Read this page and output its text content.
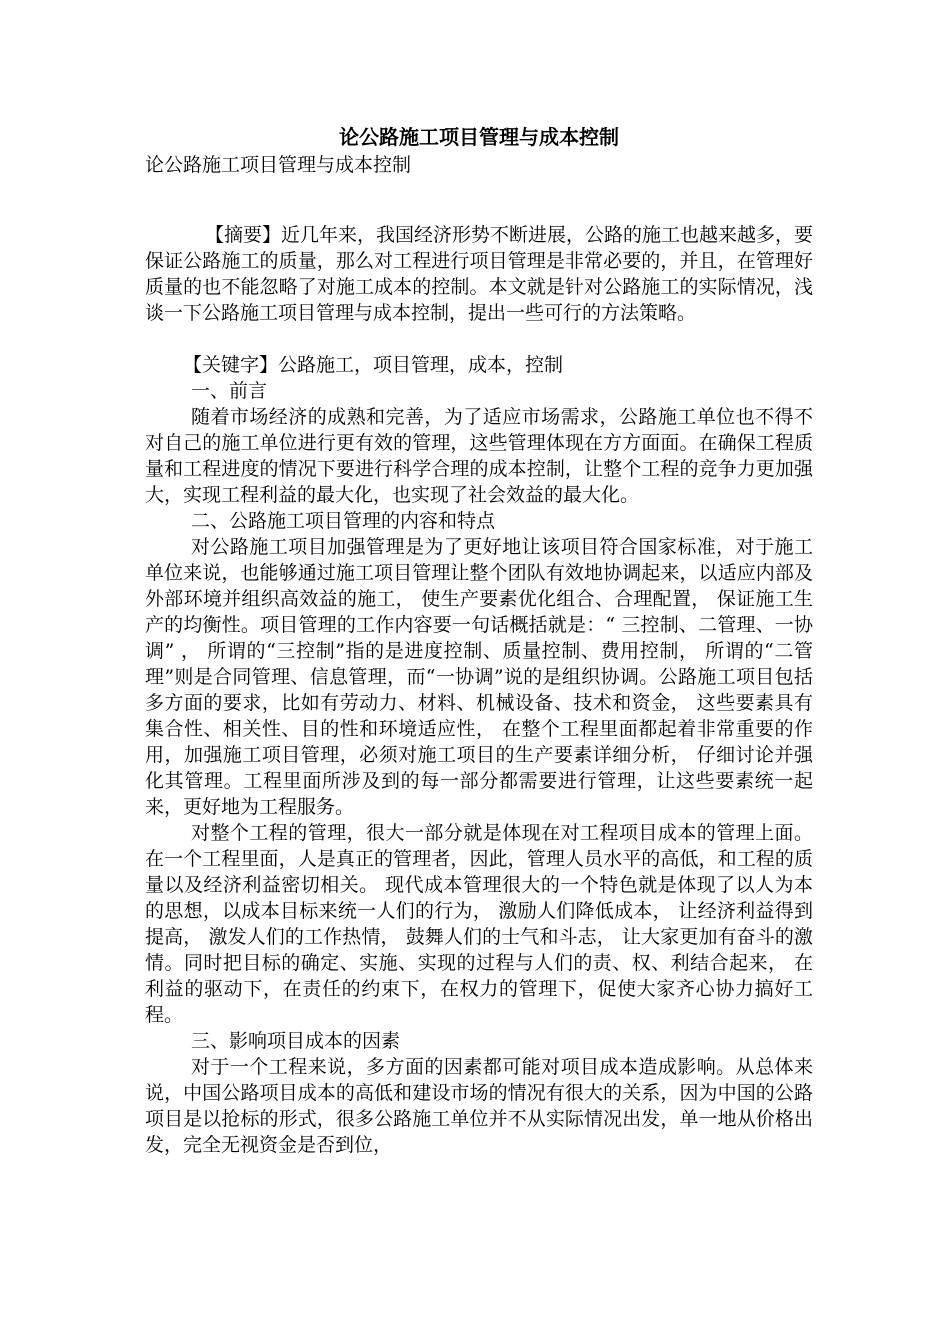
论公路施工项目管理与成本控制

论公路施工项目管理与成本控制

【摘要】近几年来，我国经济形势不断进展，公路的施工也越来越多，要保证公路施工的质量，那么对工程进行项目管理是非常必要的，并且，在管理好质量的也不能忽略了对施工成本的控制。本文就是针对公路施工的实际情况，浅谈一下公路施工项目管理与成本控制，提出一些可行的方法策略。

【关键字】公路施工，项目管理，成本，控制

一、前言

随着市场经济的成熟和完善，为了适应市场需求，公路施工单位也不得不对自己的施工单位进行更有效的管理，这些管理体现在方方面面。在确保工程质量和工程进度的情况下要进行科学合理的成本控制，让整个工程的竞争力更加强大，实现工程利益的最大化，也实现了社会效益的最大化。

二、公路施工项目管理的内容和特点

对公路施工项目加强管理是为了更好地让该项目符合国家标准，对于施工单位来说，也能够通过施工项目管理让整个团队有效地协调起来，以适应内部及外部环境并组织高效益的施工， 使生产要素优化组合、合理配置， 保证施工生产的均衡性。项目管理的工作内容要一句话概括就是：“ 三控制、二管理、一协调” ， 所谓的“三控制”指的是进度控制、质量控制、费用控制， 所谓的“二管理”则是合同管理、信息管理，而“一协调”说的是组织协调。公路施工项目包括多方面的要求，比如有劳动力、材料、机械设备、技术和资金， 这些要素具有集合性、相关性、目的性和环境适应性， 在整个工程里面都起着非常重要的作用，加强施工项目管理，必须对施工项目的生产要素详细分析， 仔细讨论并强化其管理。工程里面所涉及到的每一部分都需要进行管理，让这些要素统一起来，更好地为工程服务。

对整个工程的管理，很大一部分就是体现在对工程项目成本的管理上面。在一个工程里面，人是真正的管理者，因此，管理人员水平的高低，和工程的质量以及经济利益密切相关。 现代成本管理很大的一个特色就是体现了以人为本的思想，以成本目标来统一人们的行为， 激励人们降低成本， 让经济利益得到提高， 激发人们的工作热情， 鼓舞人们的士气和斗志， 让大家更加有奋斗的激情。同时把目标的确定、实施、实现的过程与人们的责、权、利结合起来， 在利益的驱动下，在责任的约束下，在权力的管理下，促使大家齐心协力搞好工程。

三、影响项目成本的因素

对于一个工程来说，多方面的因素都可能对项目成本造成影响。从总体来说，中国公路项目成本的高低和建设市场的情况有很大的关系，因为中国的公路项目是以抢标的形式，很多公路施工单位并不从实际情况出发，单一地从价格出发，完全无视资金是否到位，
